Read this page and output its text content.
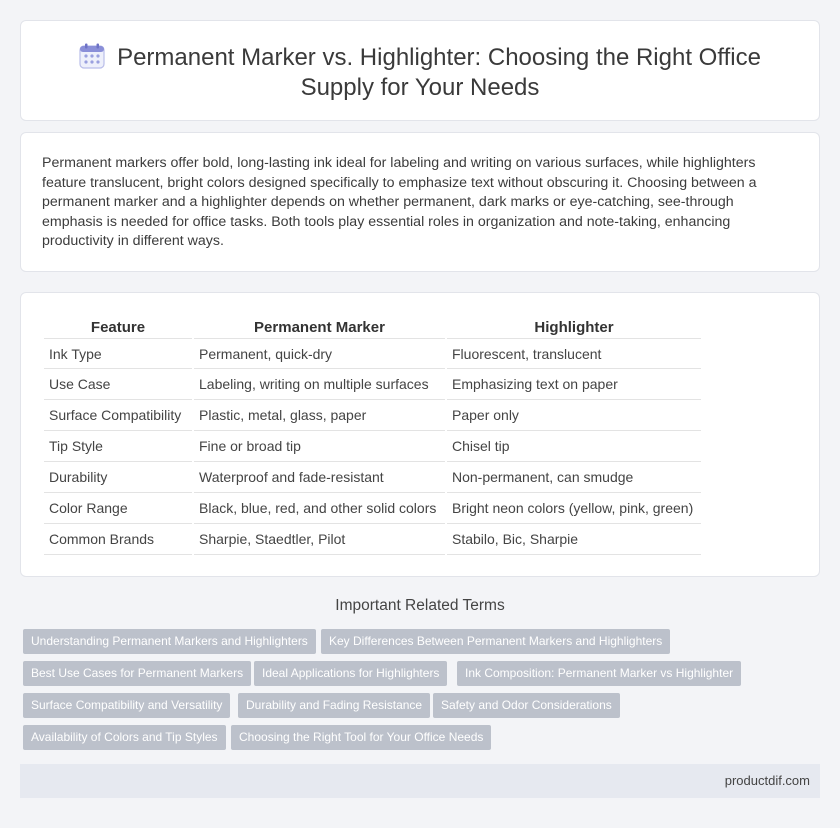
Permanent Marker vs. Highlighter: Choosing the Right Office
Supply for Your Needs

Permanent markers offer bold, long-lasting ink ideal for labeling and writing on various surfaces, while highlighters feature translucent, bright colors designed specifically to emphasize text without obscuring it. Choosing between a permanent marker and a highlighter depends on whether permanent, dark marks or eye-catching, see-through emphasis is needed for office tasks. Both tools play essential roles in organization and note-taking, enhancing productivity in different ways.

Feature	Permanent Marker	Highlighter
Ink Type	Permanent, quick-dry	Fluorescent, translucent
Use Case	Labeling, writing on multiple surfaces	Emphasizing text on paper
Surface Compatibility	Plastic, metal, glass, paper	Paper only
Tip Style	Fine or broad tip	Chisel tip
Durability	Waterproof and fade-resistant	Non-permanent, can smudge
Color Range	Black, blue, red, and other solid colors	Bright neon colors (yellow, pink, green)
Common Brands	Sharpie, Staedtler, Pilot	Stabilo, Bic, Sharpie
Important Related Terms
Understanding Permanent Markers and Highlighters	Key Differences Between Permanent Markers and Highlighters
Best Use Cases for Permanent Markers	Ideal Applications for Highlighters	Ink Composition: Permanent Marker vs Highlighter
Surface Compatibility and Versatility	Durability and Fading Resistance	Safety and Odor Considerations
Availability of Colors and Tip Styles	Choosing the Right Tool for Your Office Needs
productdif.com
